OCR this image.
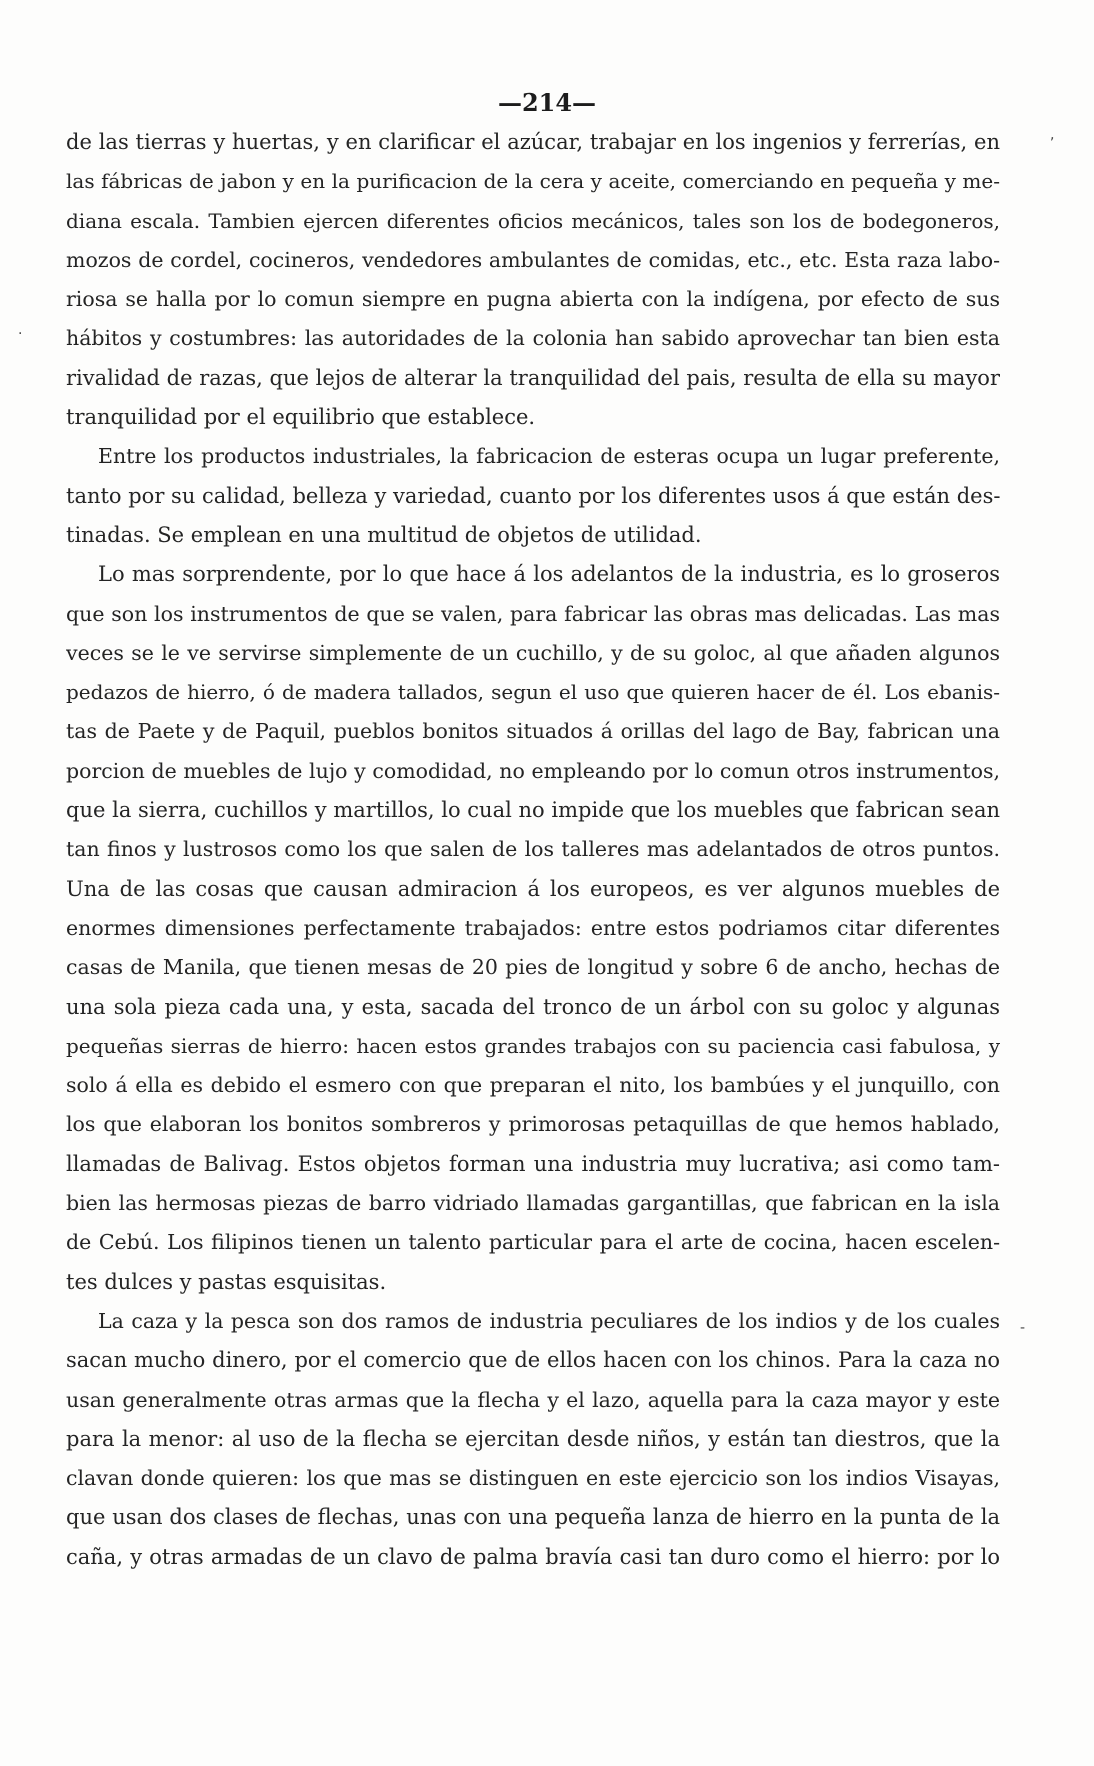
—214—
de las tierras y huertas, y en clarificar el azúcar, trabajar en los ingenios y ferrerías, en
las fábricas de jabon y en la purificacion de la cera y aceite, comerciando en pequeña y me-
diana escala. Tambien ejercen diferentes oficios mecánicos, tales son los de bodegoneros,
mozos de cordel, cocineros, vendedores ambulantes de comidas, etc., etc. Esta raza labo-
riosa se halla por lo comun siempre en pugna abierta con la indígena, por efecto de sus
hábitos y costumbres: las autoridades de la colonia han sabido aprovechar tan bien esta
rivalidad de razas, que lejos de alterar la tranquilidad del pais, resulta de ella su mayor
tranquilidad por el equilibrio que establece.
Entre los productos industriales, la fabricacion de esteras ocupa un lugar preferente,
tanto por su calidad, belleza y variedad, cuanto por los diferentes usos á que están des-
tinadas. Se emplean en una multitud de objetos de utilidad.
Lo mas sorprendente, por lo que hace á los adelantos de la industria, es lo groseros
que son los instrumentos de que se valen, para fabricar las obras mas delicadas. Las mas
veces se le ve servirse simplemente de un cuchillo, y de su goloc, al que añaden algunos
pedazos de hierro, ó de madera tallados, segun el uso que quieren hacer de él. Los ebanis-
tas de Paete y de Paquil, pueblos bonitos situados á orillas del lago de Bay, fabrican una
porcion de muebles de lujo y comodidad, no empleando por lo comun otros instrumentos,
que la sierra, cuchillos y martillos, lo cual no impide que los muebles que fabrican sean
tan finos y lustrosos como los que salen de los talleres mas adelantados de otros puntos.
Una de las cosas que causan admiracion á los europeos, es ver algunos muebles de
enormes dimensiones perfectamente trabajados: entre estos podriamos citar diferentes
casas de Manila, que tienen mesas de 20 pies de longitud y sobre 6 de ancho, hechas de
una sola pieza cada una, y esta, sacada del tronco de un árbol con su goloc y algunas
pequeñas sierras de hierro: hacen estos grandes trabajos con su paciencia casi fabulosa, y
solo á ella es debido el esmero con que preparan el nito, los bambúes y el junquillo, con
los que elaboran los bonitos sombreros y primorosas petaquillas de que hemos hablado,
llamadas de Balivag. Estos objetos forman una industria muy lucrativa; asi como tam-
bien las hermosas piezas de barro vidriado llamadas gargantillas, que fabrican en la isla
de Cebú. Los filipinos tienen un talento particular para el arte de cocina, hacen escelen-
tes dulces y pastas esquisitas.
La caza y la pesca son dos ramos de industria peculiares de los indios y de los cuales
sacan mucho dinero, por el comercio que de ellos hacen con los chinos. Para la caza no
usan generalmente otras armas que la flecha y el lazo, aquella para la caza mayor y este
para la menor: al uso de la flecha se ejercitan desde niños, y están tan diestros, que la
clavan donde quieren: los que mas se distinguen en este ejercicio son los indios Visayas,
que usan dos clases de flechas, unas con una pequeña lanza de hierro en la punta de la
caña, y otras armadas de un clavo de palma bravía casi tan duro como el hierro: por lo
,
·
-
